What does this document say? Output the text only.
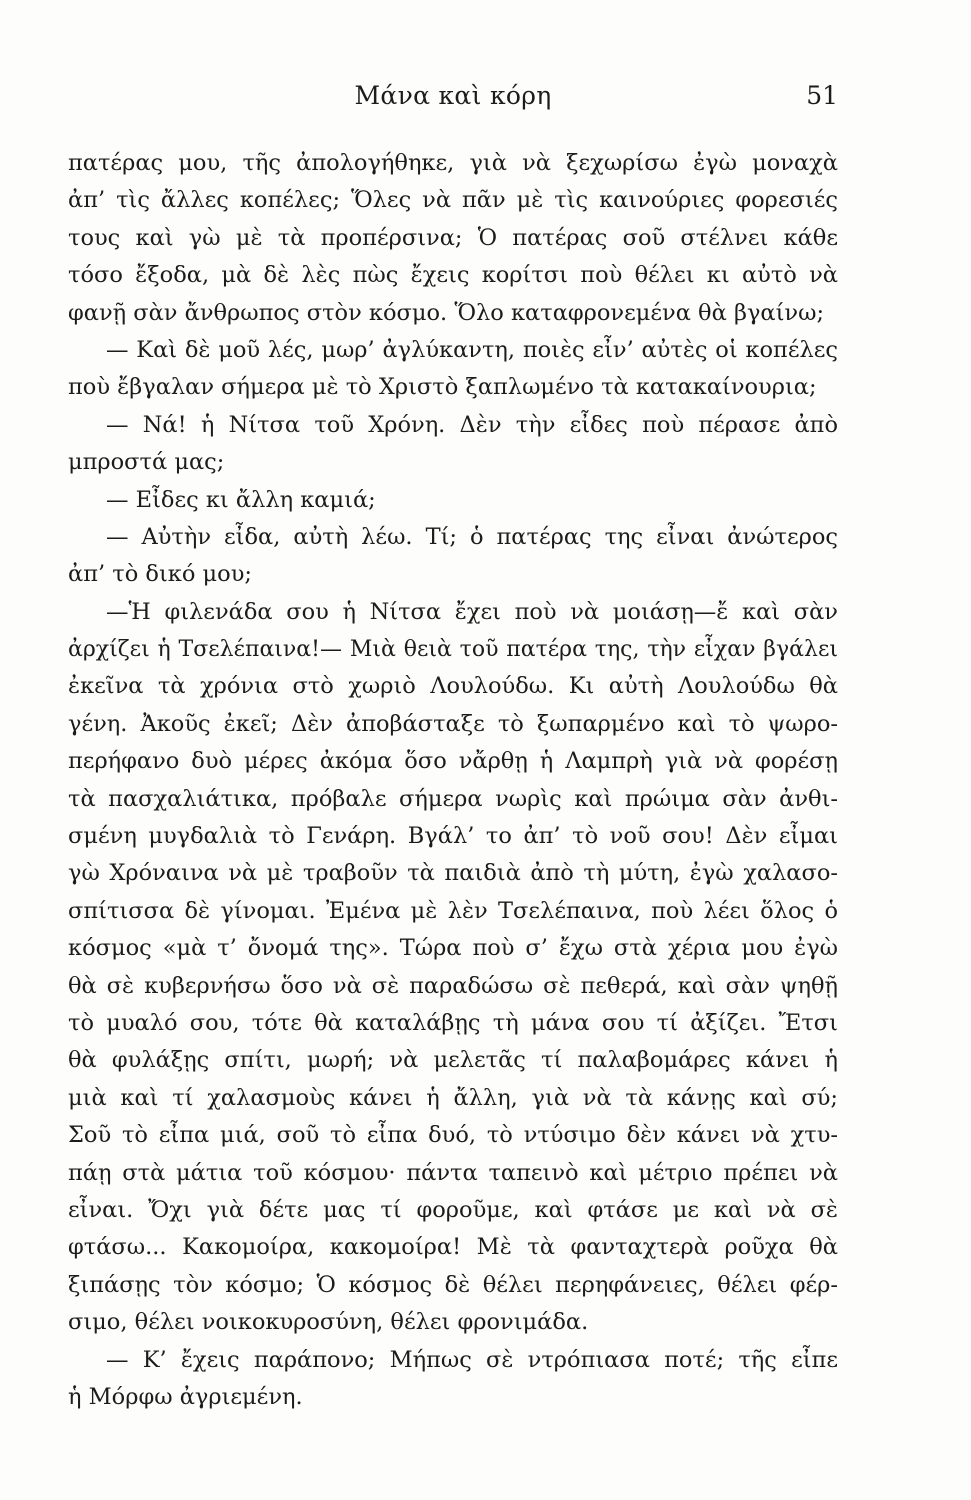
Μάνα καὶ κόρη	51
πατέρας μου, τῆς ἀπολογήθηκε, γιὰ νὰ ξεχωρίσω ἐγὼ μοναχὰ
ἀπ’ τὶς ἄλλες κοπέλες; Ὅλες νὰ πᾶν μὲ τὶς καινούριες φορεσιές
τους καὶ γὼ μὲ τὰ προπέρσινα; Ὁ πατέρας σοῦ στέλνει κάθε
τόσο ἔξοδα, μὰ δὲ λὲς πὼς ἔχεις κορίτσι ποὺ θέλει κι αὐτὸ νὰ
φανῇ σὰν ἄνθρωπος στὸν κόσμο. Ὅλο καταφρονεμένα θὰ βγαίνω;
— Καὶ δὲ μοῦ λές, μωρ’ ἀγλύκαντη, ποιὲς εἶν’ αὐτὲς οἱ κοπέλες
ποὺ ἔβγαλαν σήμερα μὲ τὸ Χριστὸ ξαπλωμένο τὰ κατακαίνουρια;
— Νά! ἡ Νίτσα τοῦ Χρόνη. Δὲν τὴν εἶδες ποὺ πέρασε ἀπὸ
μπροστά μας;
— Εἶδες κι ἄλλη καμιά;
— Αὐτὴν εἶδα, αὐτὴ λέω. Τί; ὁ πατέρας της εἶναι ἀνώτερος
ἀπ’ τὸ δικό μου;
—Ἡ φιλενάδα σου ἡ Νίτσα ἔχει ποὺ νὰ μοιάσῃ—ἔ καὶ σὰν
ἀρχίζει ἡ Τσελέπαινα!— Μιὰ θειὰ τοῦ πατέρα της, τὴν εἶχαν βγάλει
ἐκεῖνα τὰ χρόνια στὸ χωριὸ Λουλούδω. Κι αὐτὴ Λουλούδω θὰ
γένη. Ἀκοῦς ἐκεῖ; Δὲν ἀποβάσταξε τὸ ξωπαρμένο καὶ τὸ ψωρο-
περήφανο δυὸ μέρες ἀκόμα ὅσο νἄρθῃ ἡ Λαμπρὴ γιὰ νὰ φορέσῃ
τὰ πασχαλιάτικα, πρόβαλε σήμερα νωρὶς καὶ πρώιμα σὰν ἀνθι-
σμένη μυγδαλιὰ τὸ Γενάρη. Βγάλ’ το ἀπ’ τὸ νοῦ σου! Δὲν εἶμαι
γὼ Χρόναινα νὰ μὲ τραβοῦν τὰ παιδιὰ ἀπὸ τὴ μύτη, ἐγὼ χαλασο-
σπίτισσα δὲ γίνομαι. Ἐμένα μὲ λὲν Τσελέπαινα, ποὺ λέει ὅλος ὁ
κόσμος «μὰ τ’ ὄνομά της». Τώρα ποὺ σ’ ἔχω στὰ χέρια μου ἐγὼ
θὰ σὲ κυβερνήσω ὅσο νὰ σὲ παραδώσω σὲ πεθερά, καὶ σὰν ψηθῇ
τὸ μυαλό σου, τότε θὰ καταλάβῃς τὴ μάνα σου τί ἀξίζει. Ἔτσι
θὰ φυλάξῃς σπίτι, μωρή; νὰ μελετᾶς τί παλαβομάρες κάνει ἡ
μιὰ καὶ τί χαλασμοὺς κάνει ἡ ἄλλη, γιὰ νὰ τὰ κάνῃς καὶ σύ;
Σοῦ τὸ εἶπα μιά, σοῦ τὸ εἶπα δυό, τὸ ντύσιμο δὲν κάνει νὰ χτυ-
πάῃ στὰ μάτια τοῦ κόσμου· πάντα ταπεινὸ καὶ μέτριο πρέπει νὰ
εἶναι. Ὄχι γιὰ δέτε μας τί φοροῦμε, καὶ φτάσε με καὶ νὰ σὲ
φτάσω... Κακομοίρα, κακομοίρα! Μὲ τὰ φανταχτερὰ ροῦχα θὰ
ξιπάσῃς τὸν κόσμο; Ὁ κόσμος δὲ θέλει περηφάνειες, θέλει φέρ-
σιμο, θέλει νοικοκυροσύνη, θέλει φρονιμάδα.
— Κ’ ἔχεις παράπονο; Μήπως σὲ ντρόπιασα ποτέ; τῆς εἶπε
ἡ Μόρφω ἀγριεμένη.
